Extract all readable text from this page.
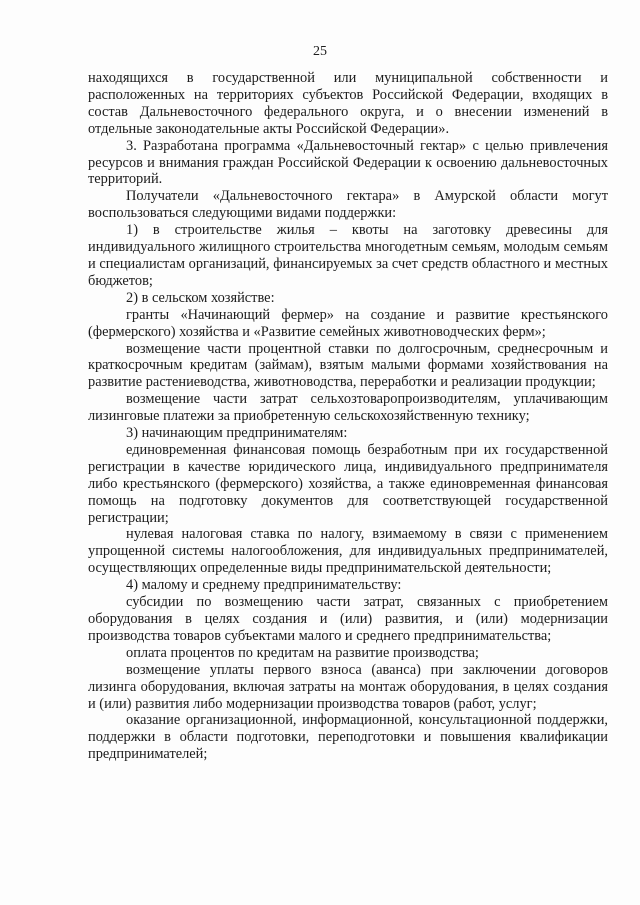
25

находящихся в государственной или муниципальной собственности и расположенных на территориях субъектов Российской Федерации, входящих в состав Дальневосточного федерального округа, и о внесении изменений в отдельные законодательные акты Российской Федерации».

3. Разработана программа «Дальневосточный гектар» с целью привлечения ресурсов и внимания граждан Российской Федерации к освоению дальневосточных территорий.

Получатели «Дальневосточного гектара» в Амурской области могут воспользоваться следующими видами поддержки:

1) в строительстве жилья – квоты на заготовку древесины для индивидуального жилищного строительства многодетным семьям, молодым семьям и специалистам организаций, финансируемых за счет средств областного и местных бюджетов;

2) в сельском хозяйстве:

гранты «Начинающий фермер» на создание и развитие крестьянского (фермерского) хозяйства и «Развитие семейных животноводческих ферм»;

возмещение части процентной ставки по долгосрочным, среднесрочным и краткосрочным кредитам (займам), взятым малыми формами хозяйствования на развитие растениеводства, животноводства, переработки и реализации продукции;

возмещение части затрат сельхозтоваропроизводителям, уплачивающим лизинговые платежи за приобретенную сельскохозяйственную технику;

3) начинающим предпринимателям:

единовременная финансовая помощь безработным при их государственной регистрации в качестве юридического лица, индивидуального предпринимателя либо крестьянского (фермерского) хозяйства, а также единовременная финансовая помощь на подготовку документов для соответствующей государственной регистрации;

нулевая налоговая ставка по налогу, взимаемому в связи с применением упрощенной системы налогообложения, для индивидуальных предпринимателей, осуществляющих определенные виды предпринимательской деятельности;

4) малому и среднему предпринимательству:

субсидии по возмещению части затрат, связанных с приобретением оборудования в целях создания и (или) развития, и (или) модернизации производства товаров субъектами малого и среднего предпринимательства;

оплата процентов по кредитам на развитие производства;

возмещение уплаты первого взноса (аванса) при заключении договоров лизинга оборудования, включая затраты на монтаж оборудования, в целях создания и (или) развития либо модернизации производства товаров (работ, услуг;

оказание организационной, информационной, консультационной поддержки, поддержки в области подготовки, переподготовки и повышения квалификации предпринимателей;
